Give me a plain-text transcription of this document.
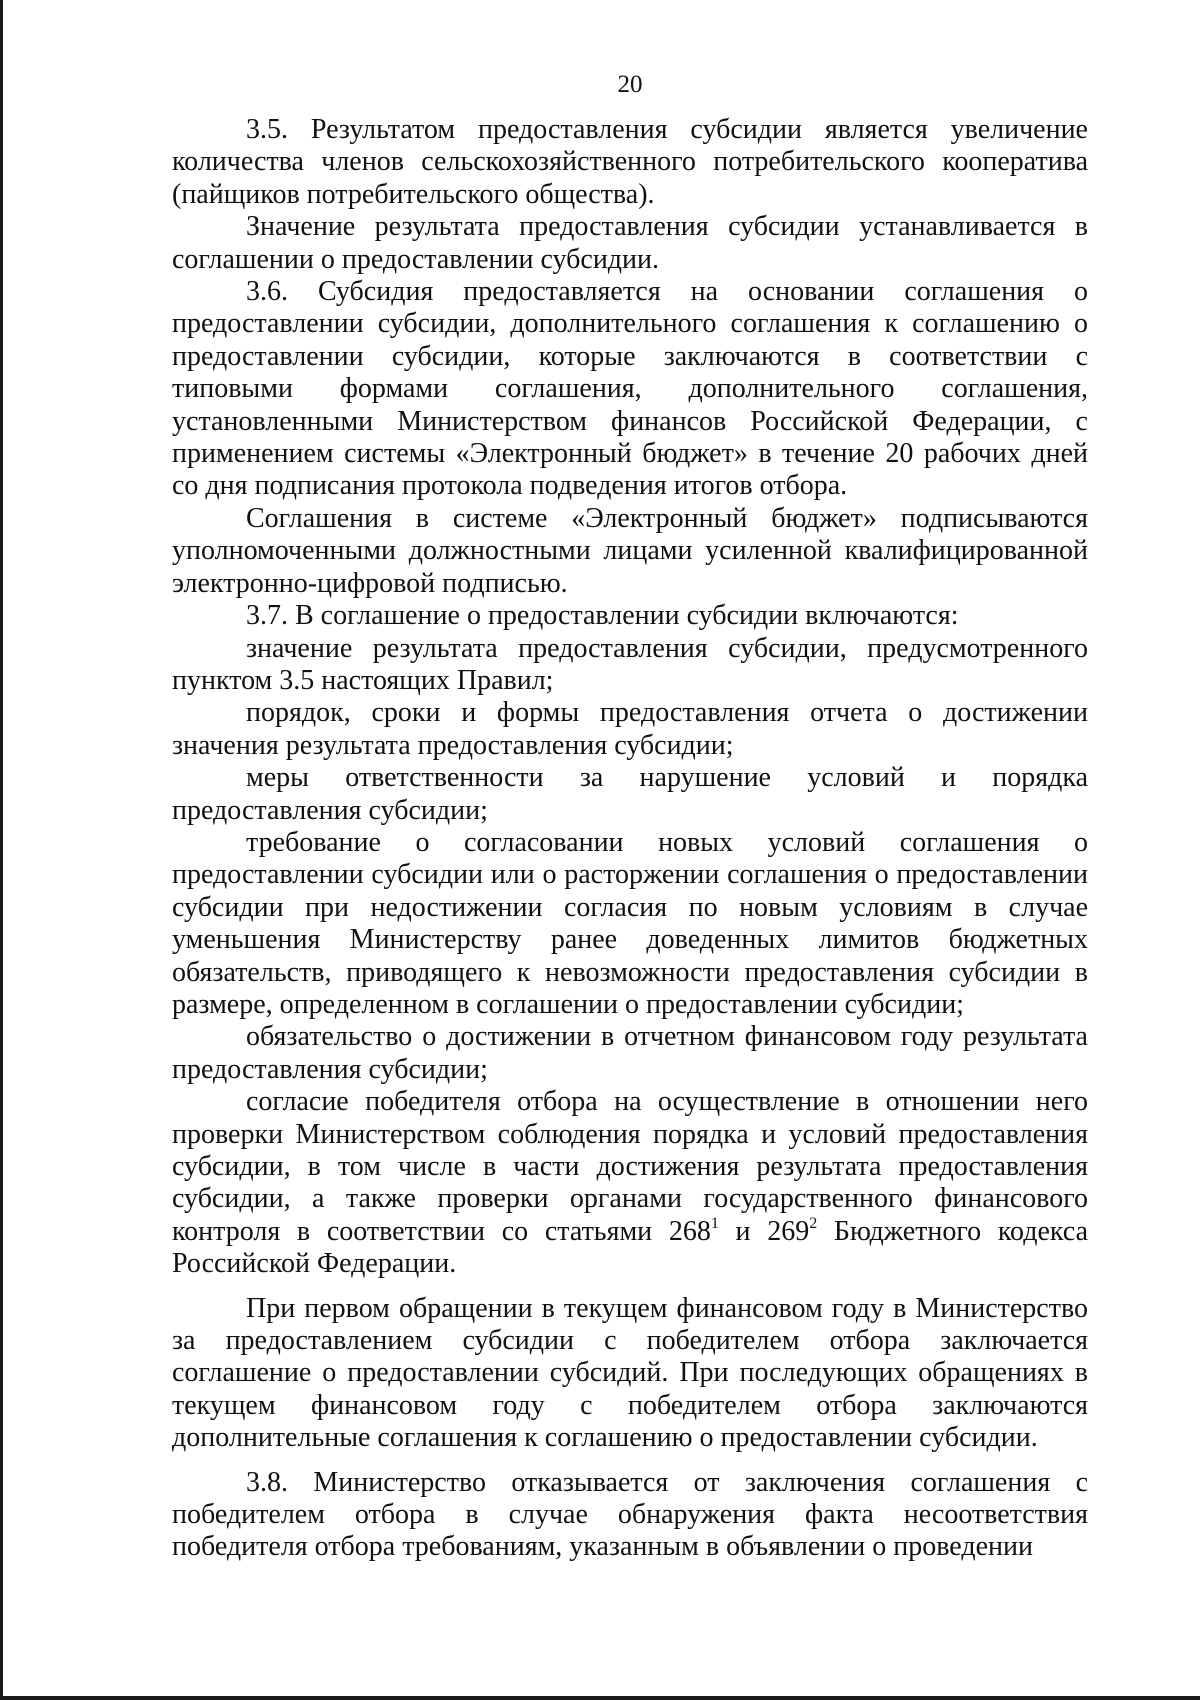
20

3.5. Результатом предоставления субсидии является увеличение количества членов сельскохозяйственного потребительского кооператива (пайщиков потребительского общества).

Значение результата предоставления субсидии устанавливается в соглашении о предоставлении субсидии.

3.6. Субсидия предоставляется на основании соглашения о предоставлении субсидии, дополнительного соглашения к соглашению о предоставлении субсидии, которые заключаются в соответствии с типовыми формами соглашения, дополнительного соглашения, установленными Министерством финансов Российской Федерации, с применением системы «Электронный бюджет» в течение 20 рабочих дней со дня подписания протокола подведения итогов отбора.

Соглашения в системе «Электронный бюджет» подписываются уполномоченными должностными лицами усиленной квалифицированной электронно-цифровой подписью.

3.7. В соглашение о предоставлении субсидии включаются:

значение результата предоставления субсидии, предусмотренного пунктом 3.5 настоящих Правил;

порядок, сроки и формы предоставления отчета о достижении значения результата предоставления субсидии;

меры ответственности за нарушение условий и порядка предоставления субсидии;

требование о согласовании новых условий соглашения о предоставлении субсидии или о расторжении соглашения о предоставлении субсидии при недостижении согласия по новым условиям в случае уменьшения Министерству ранее доведенных лимитов бюджетных обязательств, приводящего к невозможности предоставления субсидии в размере, определенном в соглашении о предоставлении субсидии;

обязательство о достижении в отчетном финансовом году результата предоставления субсидии;

согласие победителя отбора на осуществление в отношении него проверки Министерством соблюдения порядка и условий предоставления субсидии, в том числе в части достижения результата предоставления субсидии, а также проверки органами государственного финансового контроля в соответствии со статьями $268^1$ и $269^2$ Бюджетного кодекса Российской Федерации.

При первом обращении в текущем финансовом году в Министерство за предоставлением субсидии с победителем отбора заключается соглашение о предоставлении субсидий. При последующих обращениях в текущем финансовом году с победителем отбора заключаются дополнительные соглашения к соглашению о предоставлении субсидии.

3.8. Министерство отказывается от заключения соглашения с победителем отбора в случае обнаружения факта несоответствия победителя отбора требованиям, указанным в объявлении о проведении
